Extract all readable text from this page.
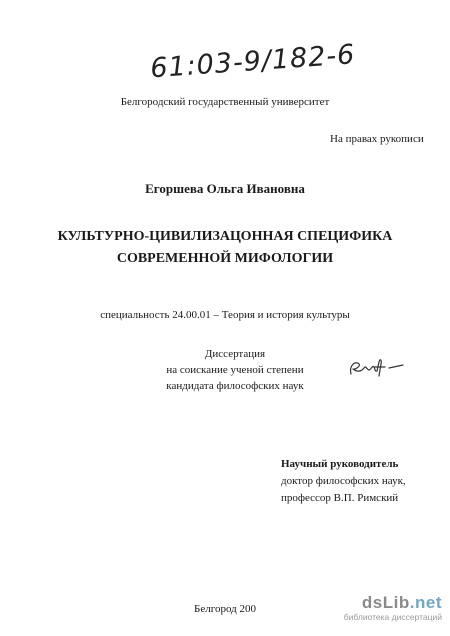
61:03-9/182-6
Белгородский государственный университет
На правах рукописи
Егоршева Ольга Ивановна
КУЛЬТУРНО-ЦИВИЛИЗАЦОННАЯ СПЕЦИФИКА
СОВРЕМЕННОЙ МИФОЛОГИИ
специальность 24.00.01 – Теория и история культуры
Диссертация
на соискание ученой степени
кандидата философских наук
Научный руководитель
доктор философских наук,
профессор В.П. Римский
Белгород 200	dsLib.net
библиотека диссертаций
